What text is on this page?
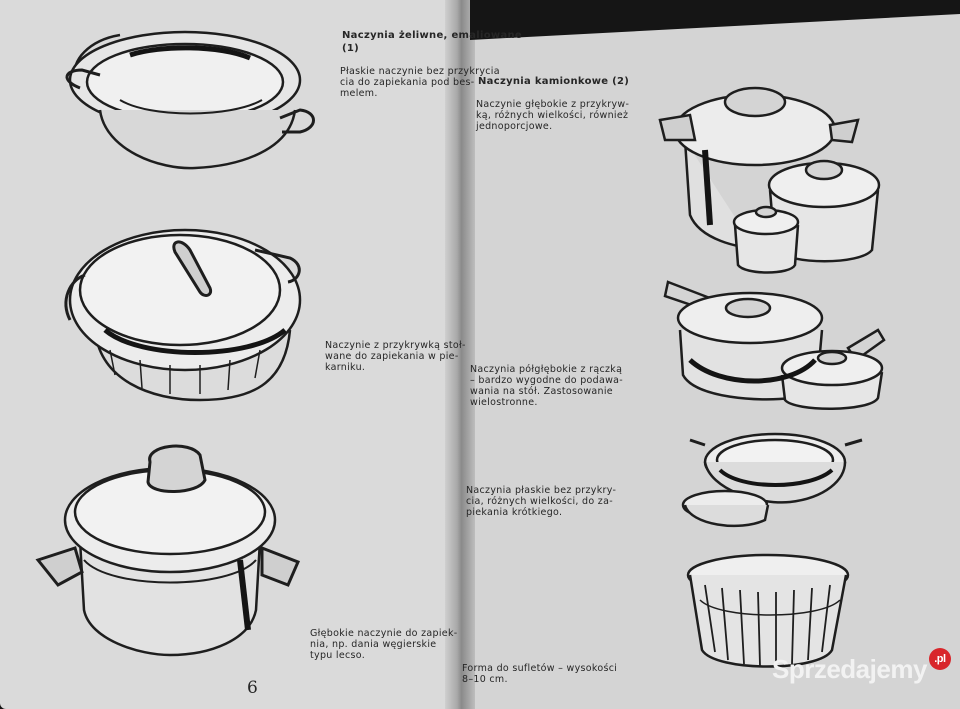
Naczynia żeliwne, emaliowane

(1)

Płaskie naczynie bez przykrycia
cia do zapiekania pod bes-
melem.

Naczynie z przykrywką stoł-
wane do zapiekania w pie-
karniku.

Głębokie naczynie do zapiek-
nia, np. dania węgierskie
typu lecso.

6

Naczynia kamionkowe (2)

Naczynie głębokie z przykryw-
ką, różnych wielkości, również
jednoporcjowe.

Naczynia półgłębokie z rączką
– bardzo wygodne do podawa-
wania na stół. Zastosowanie
wielostronne.

Naczynia płaskie bez przykry-
cia, różnych wielkości, do za-
piekania krótkiego.

Forma do sufletów – wysokości
8–10 cm.	Sprzedajemy .pl
